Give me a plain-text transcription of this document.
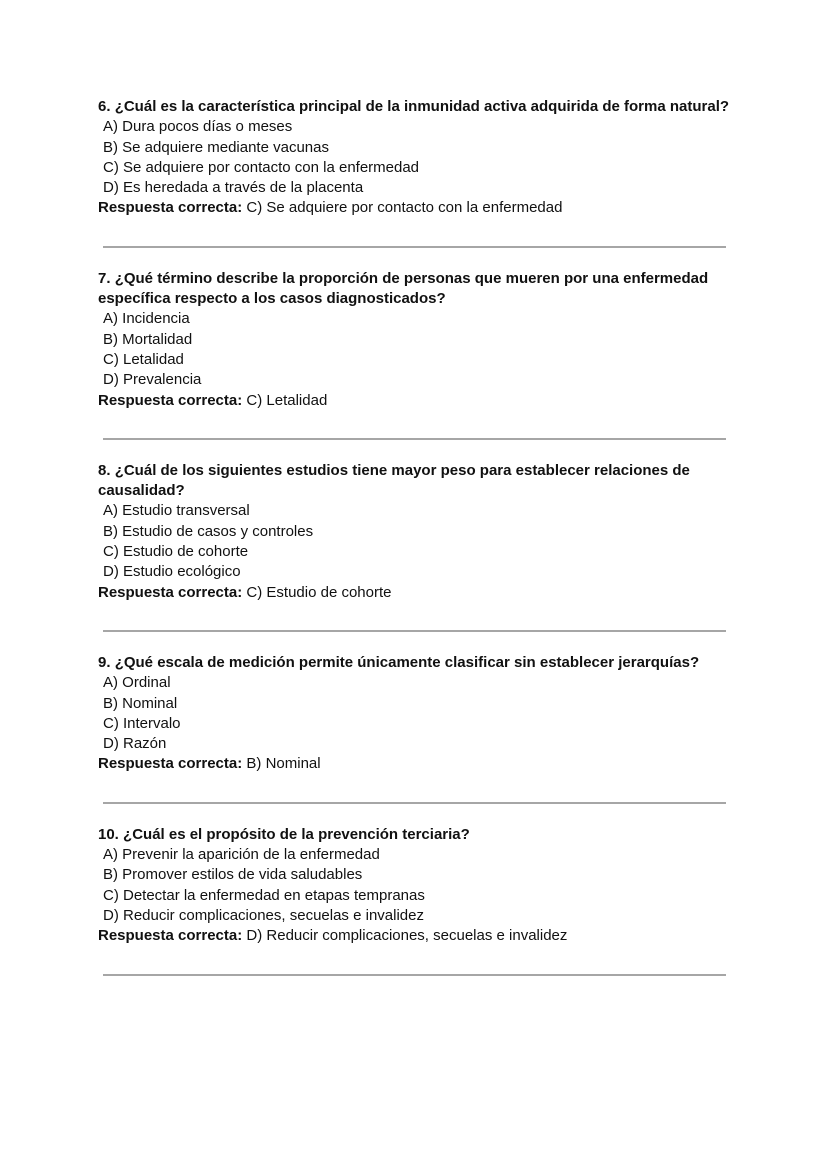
6. ¿Cuál es la característica principal de la inmunidad activa adquirida de forma natural?

A) Dura pocos días o meses

B) Se adquiere mediante vacunas

C) Se adquiere por contacto con la enfermedad

D) Es heredada a través de la placenta

Respuesta correcta: C) Se adquiere por contacto con la enfermedad

7. ¿Qué término describe la proporción de personas que mueren por una enfermedad específica respecto a los casos diagnosticados?

A) Incidencia

B) Mortalidad

C) Letalidad

D) Prevalencia

Respuesta correcta: C) Letalidad

8. ¿Cuál de los siguientes estudios tiene mayor peso para establecer relaciones de causalidad?

A) Estudio transversal

B) Estudio de casos y controles

C) Estudio de cohorte

D) Estudio ecológico

Respuesta correcta: C) Estudio de cohorte

9. ¿Qué escala de medición permite únicamente clasificar sin establecer jerarquías?

A) Ordinal

B) Nominal

C) Intervalo

D) Razón

Respuesta correcta: B) Nominal

10. ¿Cuál es el propósito de la prevención terciaria?

A) Prevenir la aparición de la enfermedad

B) Promover estilos de vida saludables

C) Detectar la enfermedad en etapas tempranas

D) Reducir complicaciones, secuelas e invalidez

Respuesta correcta: D) Reducir complicaciones, secuelas e invalidez
